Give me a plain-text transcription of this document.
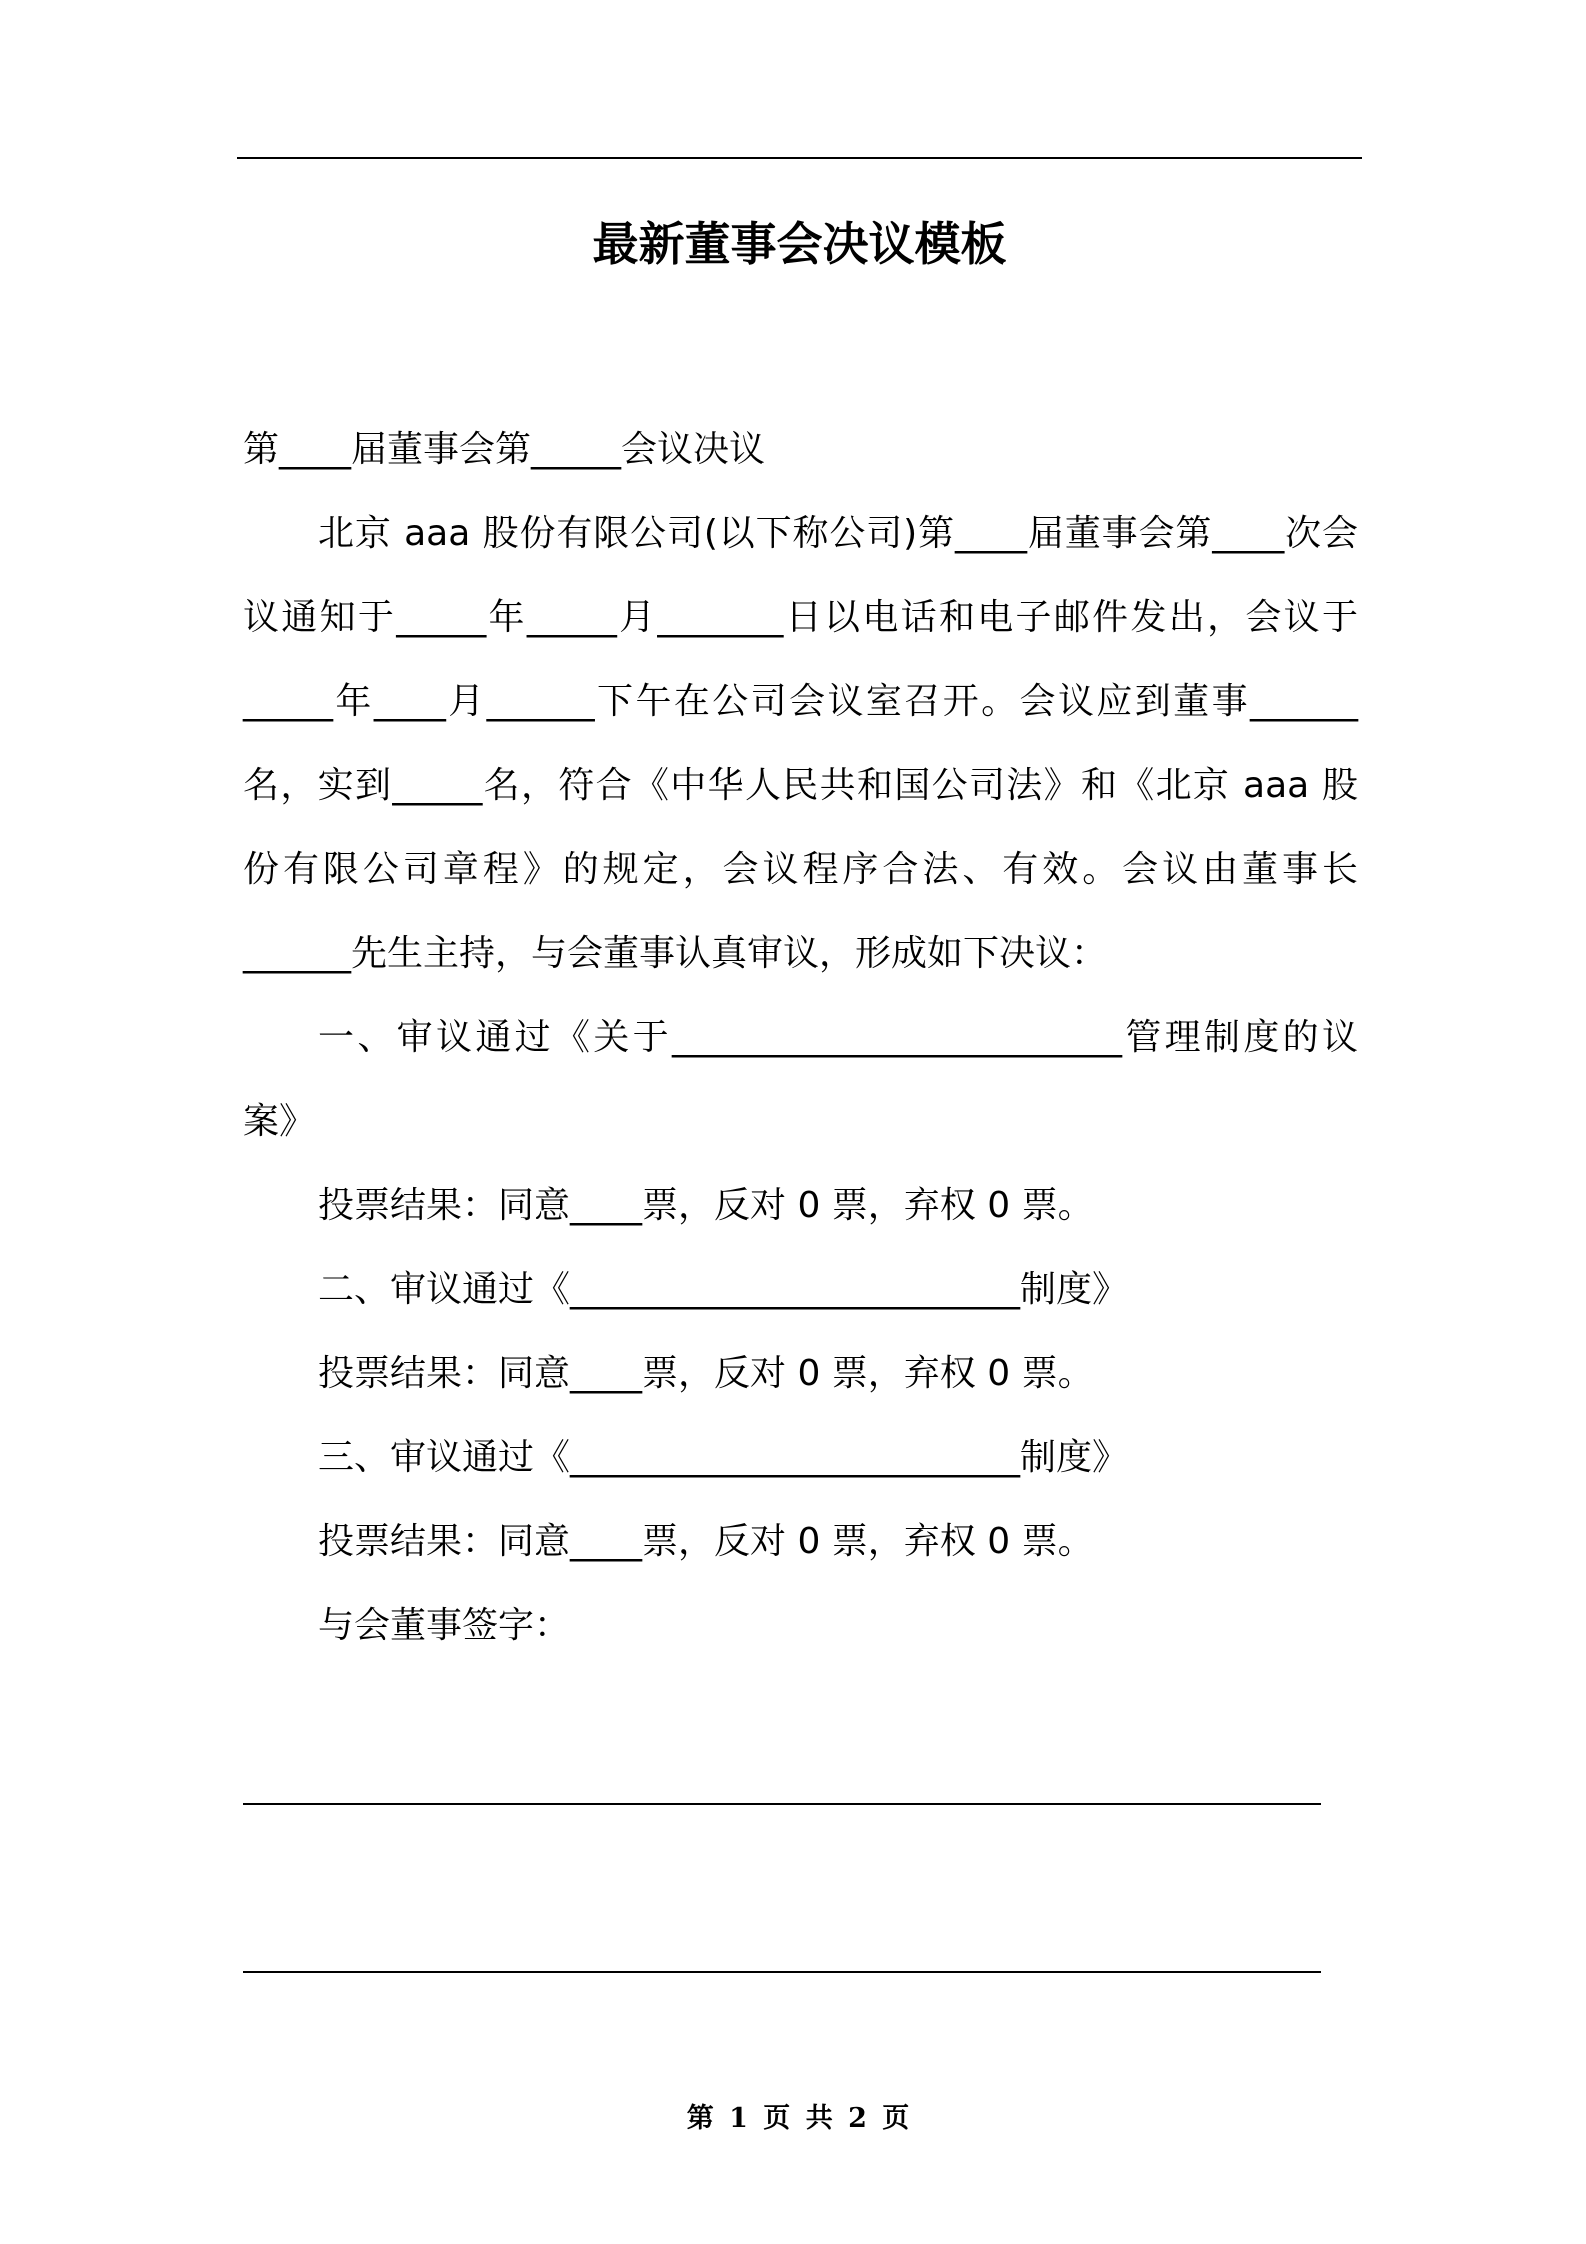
最新董事会决议模板

第____届董事会第_____会议决议

北京 aaa 股份有限公司(以下称公司)第____届董事会第____次会议通知于_____年_____月_______日以电话和电子邮件发出，会议于_____年____月______下午在公司会议室召开。会议应到董事______名，实到_____名，符合《中华人民共和国公司法》和《北京 aaa 股份有限公司章程》的规定，会议程序合法、有效。会议由董事长______先生主持，与会董事认真审议，形成如下决议：

一、审议通过《关于_________________________管理制度的议案》

投票结果：同意____票，反对 0 票，弃权 0 票。

二、审议通过《_________________________制度》

投票结果：同意____票，反对 0 票，弃权 0 票。

三、审议通过《_________________________制度》

投票结果：同意____票，反对 0 票，弃权 0 票。

与会董事签字：

第 1 页 共 2 页
